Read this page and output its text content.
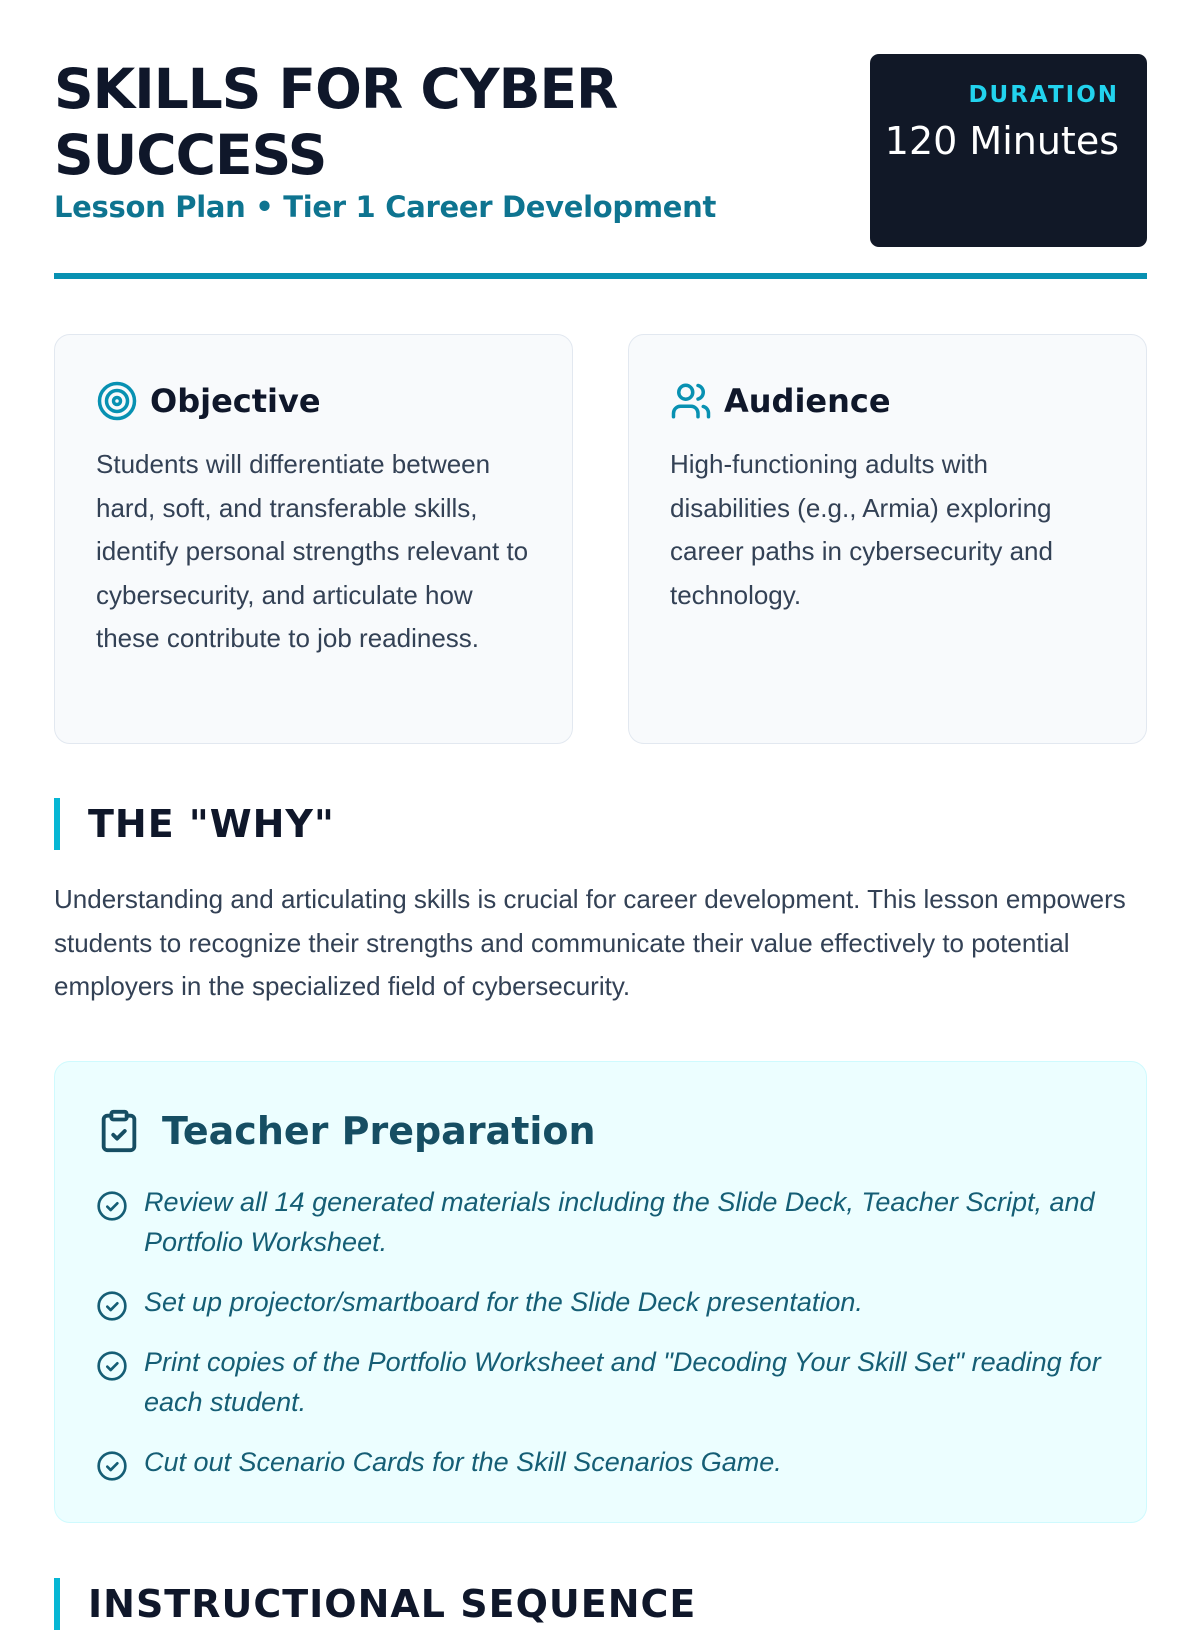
SKILLS FOR CYBER SUCCESS
Lesson Plan • Tier 1 Career Development
DURATION
120 Minutes
Objective

Students will differentiate between hard, soft, and transferable skills, identify personal strengths relevant to cybersecurity, and articulate how these contribute to job readiness.

Audience

High-functioning adults with disabilities (e.g., Armia) exploring career paths in cybersecurity and technology.

THE "WHY"

Understanding and articulating skills is crucial for career development. This lesson empowers students to recognize their strengths and communicate their value effectively to potential employers in the specialized field of cybersecurity.

Teacher Preparation
Review all 14 generated materials including the Slide Deck, Teacher Script, and Portfolio Worksheet.
Set up projector/smartboard for the Slide Deck presentation.
Print copies of the Portfolio Worksheet and "Decoding Your Skill Set" reading for each student.
Cut out Scenario Cards for the Skill Scenarios Game.
INSTRUCTIONAL SEQUENCE
